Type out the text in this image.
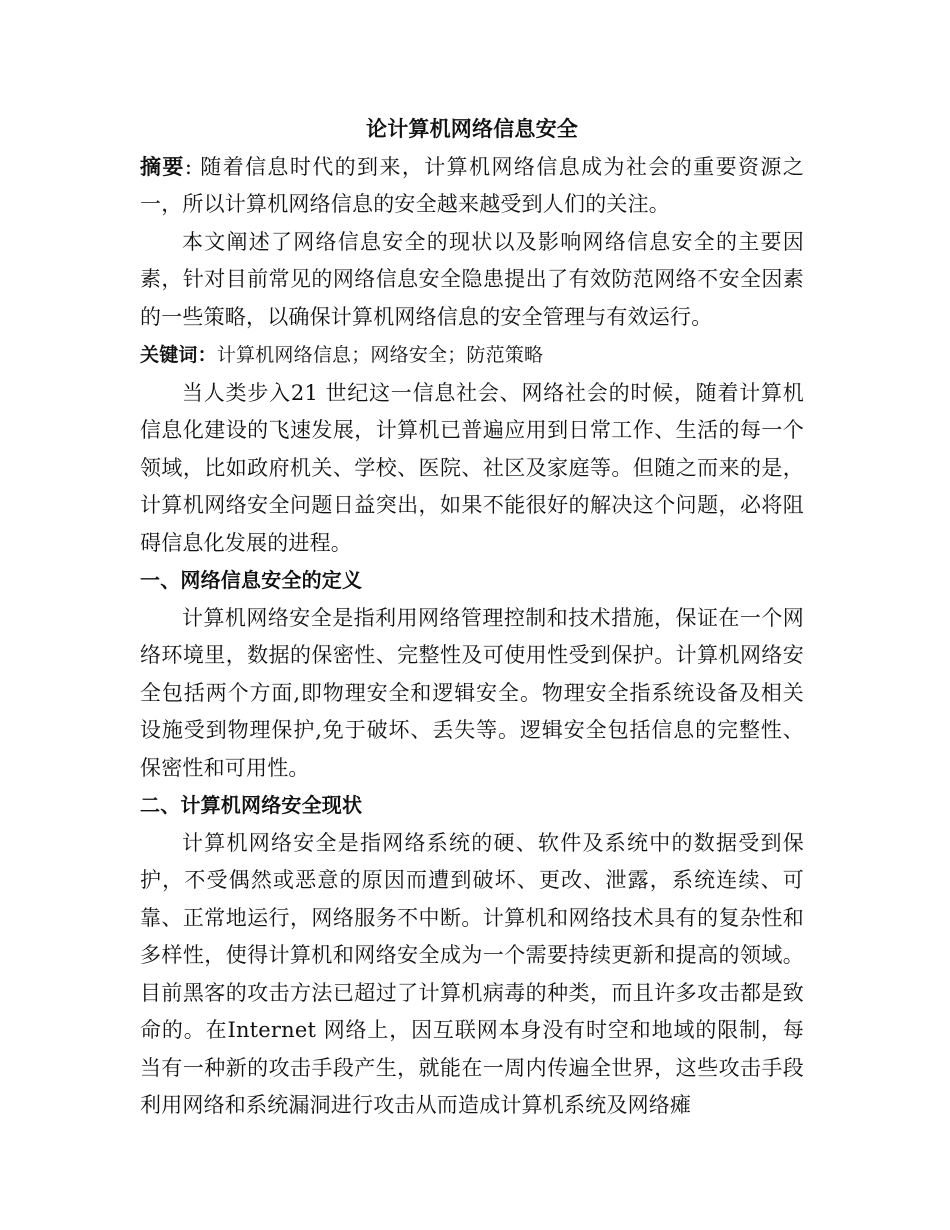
论计算机网络信息安全

摘要: 随着信息时代的到来，计算机网络信息成为社会的重要资源之一，所以计算机网络信息的安全越来越受到人们的关注。

本文阐述了网络信息安全的现状以及影响网络信息安全的主要因素，针对目前常见的网络信息安全隐患提出了有效防范网络不安全因素的一些策略，以确保计算机网络信息的安全管理与有效运行。

关键词：计算机网络信息；网络安全；防范策略

当人类步入21 世纪这一信息社会、网络社会的时候，随着计算机信息化建设的飞速发展，计算机已普遍应用到日常工作、生活的每一个领域，比如政府机关、学校、医院、社区及家庭等。但随之而来的是，计算机网络安全问题日益突出，如果不能很好的解决这个问题，必将阻碍信息化发展的进程。

一、网络信息安全的定义

计算机网络安全是指利用网络管理控制和技术措施，保证在一个网络环境里，数据的保密性、完整性及可使用性受到保护。计算机网络安全包括两个方面,即物理安全和逻辑安全。物理安全指系统设备及相关设施受到物理保护,免于破坏、丢失等。逻辑安全包括信息的完整性、保密性和可用性。

二、计算机网络安全现状

计算机网络安全是指网络系统的硬、软件及系统中的数据受到保护，不受偶然或恶意的原因而遭到破坏、更改、泄露，系统连续、可靠、正常地运行，网络服务不中断。计算机和网络技术具有的复杂性和多样性，使得计算机和网络安全成为一个需要持续更新和提高的领域。目前黑客的攻击方法已超过了计算机病毒的种类，而且许多攻击都是致命的。在Internet 网络上，因互联网本身没有时空和地域的限制，每当有一种新的攻击手段产生，就能在一周内传遍全世界，这些攻击手段利用网络和系统漏洞进行攻击从而造成计算机系统及网络瘫
